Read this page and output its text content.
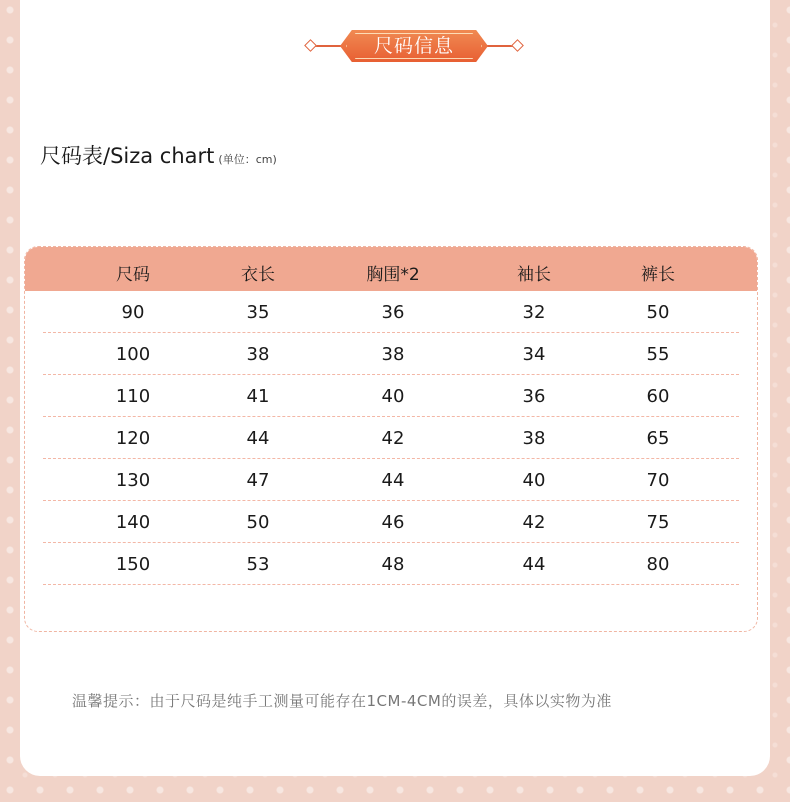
尺码信息
尺码表/Siza chart (单位：cm)
尺码	衣长	胸围*2	袖长	裤长
90	35	36	32	50
100	38	38	34	55
110	41	40	36	60
120	44	42	38	65
130	47	44	40	70
140	50	46	42	75
150	53	48	44	80
温馨提示：由于尺码是纯手工测量可能存在1CM-4CM的误差，具体以实物为准
